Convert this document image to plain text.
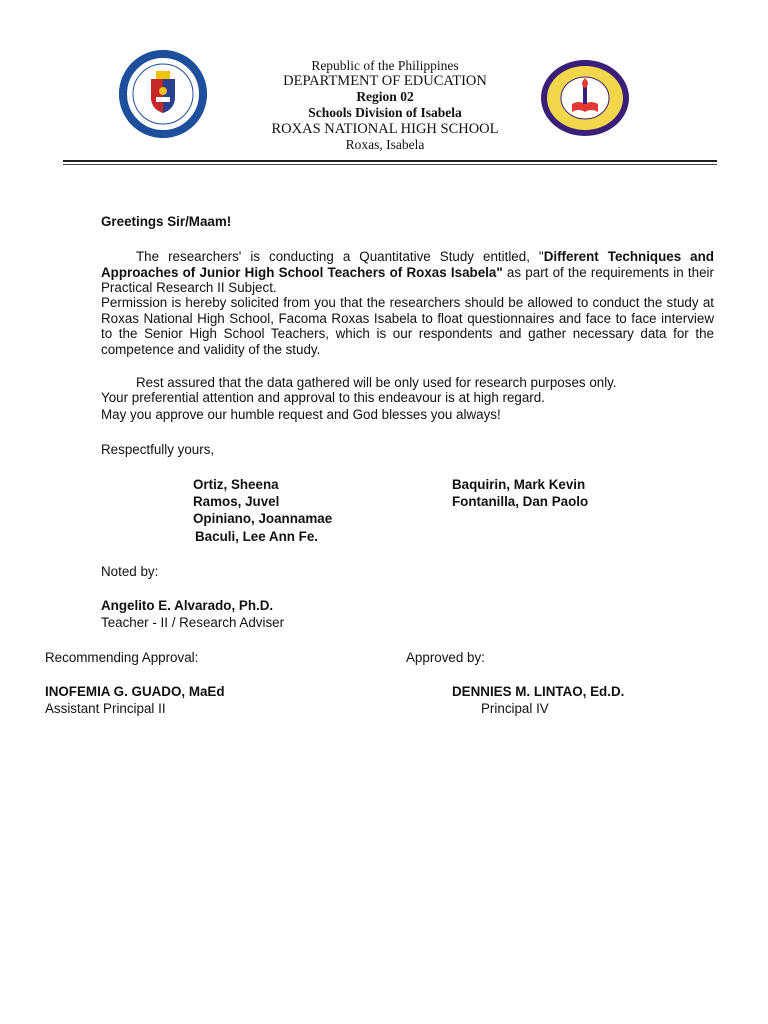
Republic of the Philippines
DEPARTMENT OF EDUCATION
Region 02
Schools Division of Isabela
ROXAS NATIONAL HIGH SCHOOL
Roxas, Isabela
Greetings Sir/Maam!
The researchers' is conducting a Quantitative Study entitled, "Different Techniques and Approaches of Junior High School Teachers of Roxas Isabela" as part of the requirements in their Practical Research II Subject.
Permission is hereby solicited from you that the researchers should be allowed to conduct the study at Roxas National High School, Facoma Roxas Isabela to float questionnaires and face to face interview to the Senior High School Teachers, which is our respondents and gather necessary data for the competence and validity of the study.
Rest assured that the data gathered will be only used for research purposes only.
Your preferential attention and approval to this endeavour is at high regard.
May you approve our humble request and God blesses you always!
Respectfully yours,
Ortiz, Sheena
Ramos, Juvel
Opiniano, Joannamae
Baculi, Lee Ann Fe.
Baquirin, Mark Kevin
Fontanilla, Dan Paolo
Noted by:
Angelito E. Alvarado, Ph.D.
Teacher - II / Research Adviser
Recommending Approval:	Approved by:
INOFEMIA G. GUADO, MaEd
Assistant Principal II
DENNIES M. LINTAO, Ed.D.
Principal IV
